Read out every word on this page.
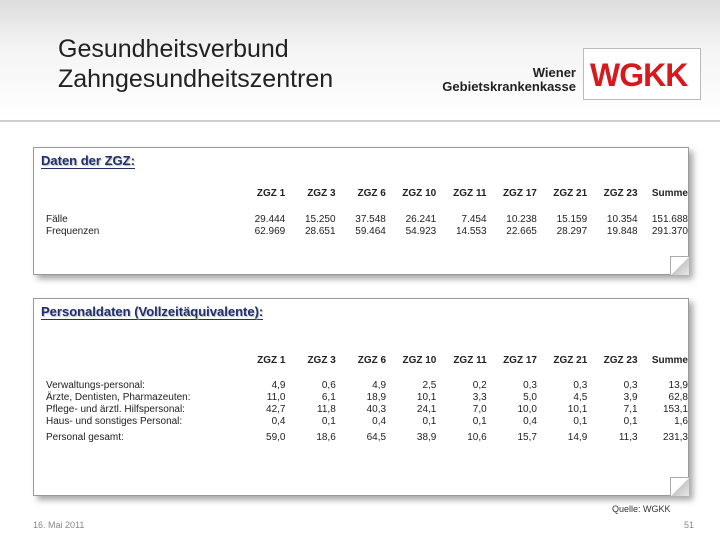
Gesundheitsverbund
Zahngesundheitszentren	Wiener
Gebietskrankenkasse WGKK
Daten der ZGZ:
	ZGZ 1	ZGZ 3	ZGZ 6	ZGZ 10	ZGZ 11	ZGZ 17	ZGZ 21	ZGZ 23	Summe

Fälle	29.444	15.250	37.548	26.241	7.454	10.238	15.159	10.354	151.688
Frequenzen	62.969	28.651	59.464	54.923	14.553	22.665	28.297	19.848	291.370
Personaldaten (Vollzeitäquivalente):
	ZGZ 1	ZGZ 3	ZGZ 6	ZGZ 10	ZGZ 11	ZGZ 17	ZGZ 21	ZGZ 23	Summe

Verwaltungs-personal:	4,9	0,6	4,9	2,5	0,2	0,3	0,3	0,3	13,9
Ärzte, Dentisten, Pharmazeuten:	11,0	6,1	18,9	10,1	3,3	5,0	4,5	3,9	62,8
Pflege- und ärztl. Hilfspersonal:	42,7	11,8	40,3	24,1	7,0	10,0	10,1	7,1	153,1
Haus- und sonstiges Personal:	0,4	0,1	0,4	0,1	0,1	0,4	0,1	0,1	1,6

Personal gesamt:	59,0	18,6	64,5	38,9	10,6	15,7	14,9	11,3	231,3
Quelle: WGKK
16. Mai 2011	51
